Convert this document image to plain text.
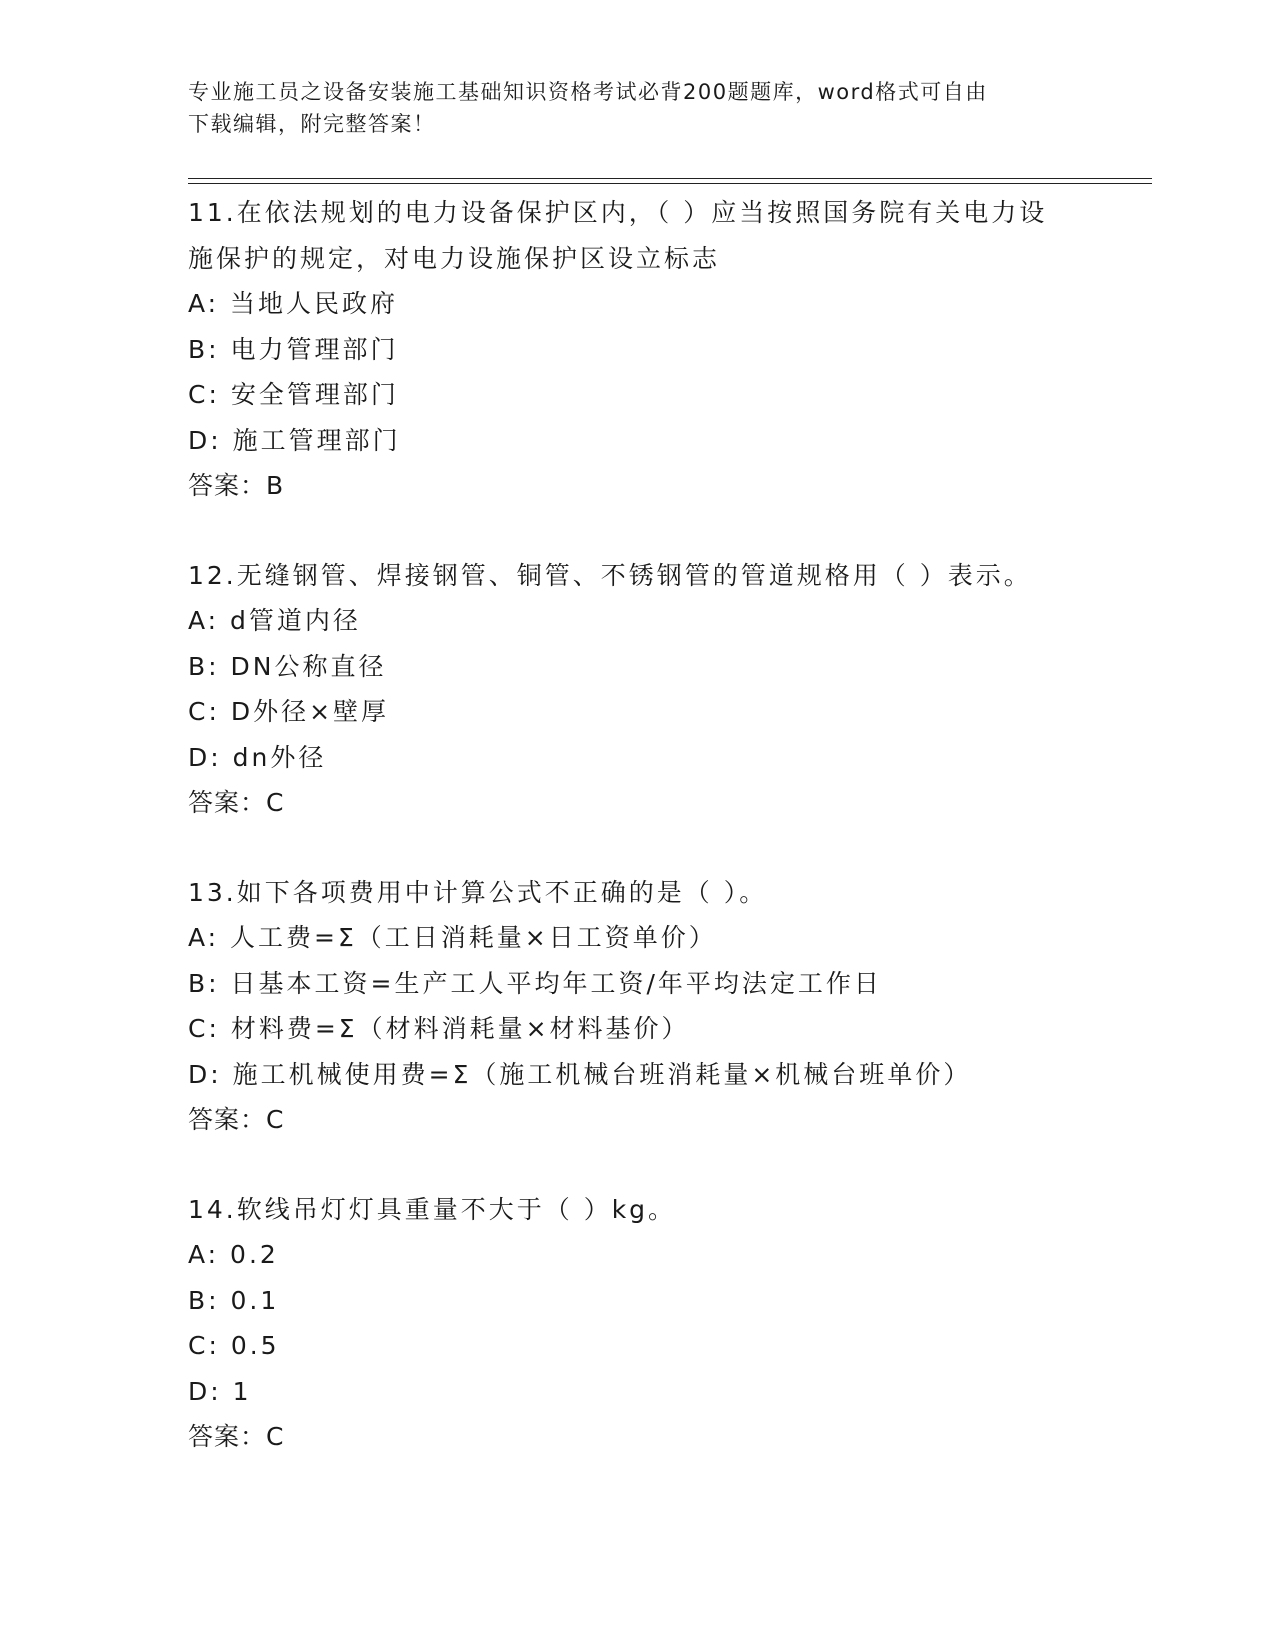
专业施工员之设备安装施工基础知识资格考试必背200题题库，word格式可自由
下载编辑，附完整答案！
11.在依法规划的电力设备保护区内，（ ）应当按照国务院有关电力设施保护的规定，对电力设施保护区设立标志
A: 当地人民政府
B: 电力管理部门
C: 安全管理部门
D: 施工管理部门
答案：B
12.无缝钢管、焊接钢管、铜管、不锈钢管的管道规格用（ ）表示。
A: d管道内径
B: DN公称直径
C: D外径×壁厚
D: dn外径
答案：C
13.如下各项费用中计算公式不正确的是（ ）。
A: 人工费=Σ（工日消耗量×日工资单价）
B: 日基本工资=生产工人平均年工资/年平均法定工作日
C: 材料费=Σ（材料消耗量×材料基价）
D: 施工机械使用费=Σ（施工机械台班消耗量×机械台班单价）
答案：C
14.软线吊灯灯具重量不大于（ ）kg。
A: 0.2
B: 0.1
C: 0.5
D: 1
答案：C
